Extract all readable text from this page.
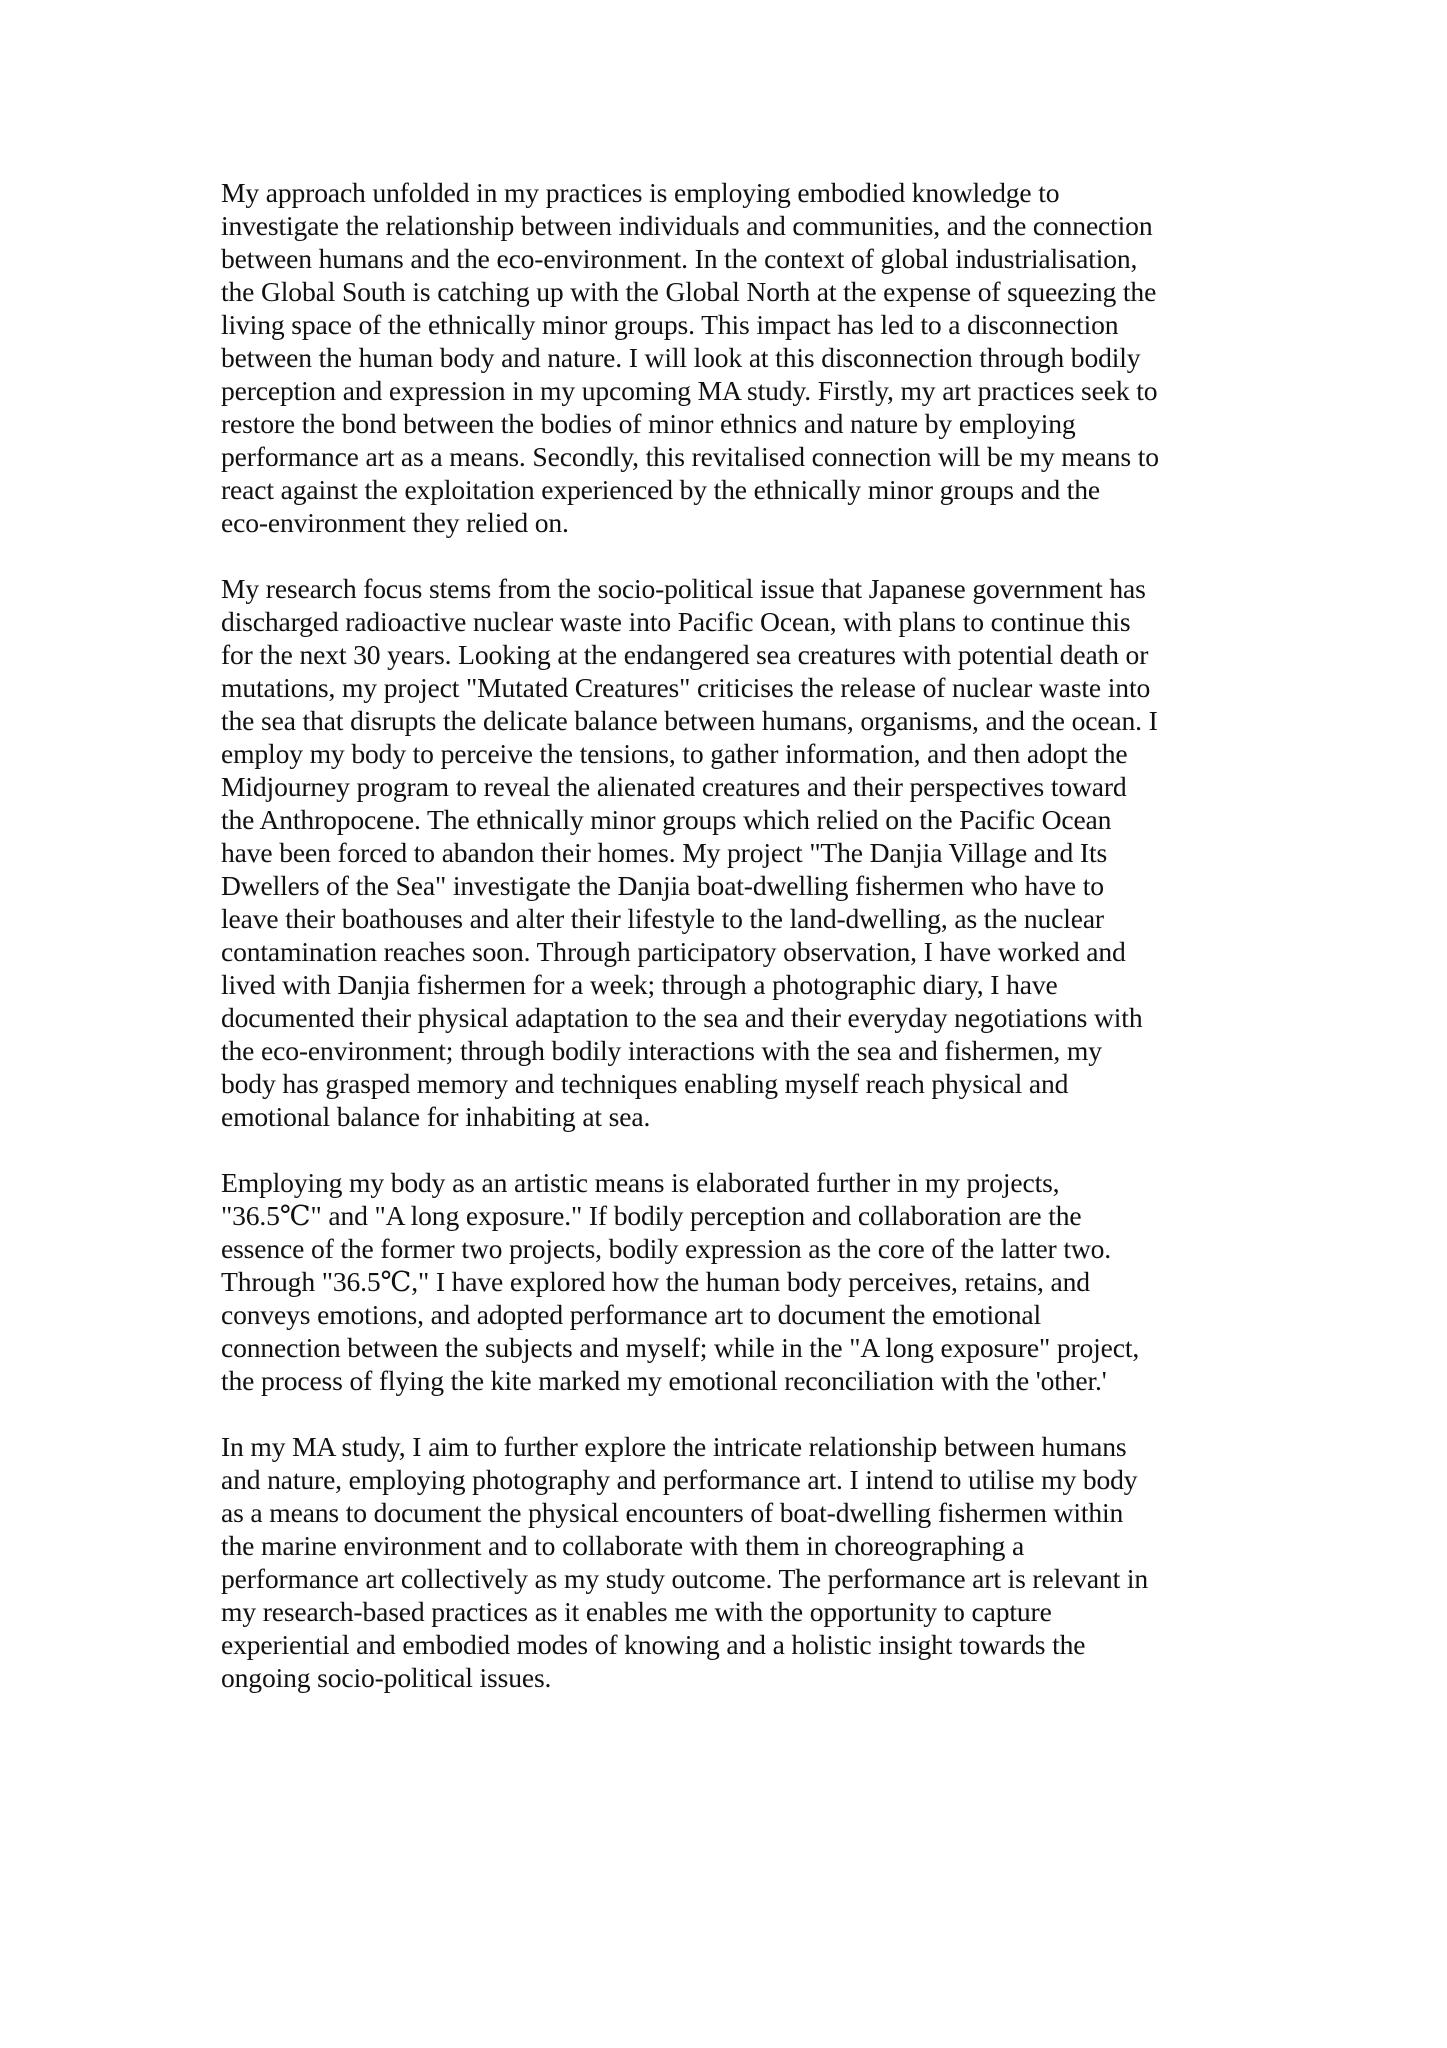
My approach unfolded in my practices is employing embodied knowledge to
investigate the relationship between individuals and communities, and the connection
between humans and the eco-environment. In the context of global industrialisation,
the Global South is catching up with the Global North at the expense of squeezing the
living space of the ethnically minor groups. This impact has led to a disconnection
between the human body and nature. I will look at this disconnection through bodily
perception and expression in my upcoming MA study. Firstly, my art practices seek to
restore the bond between the bodies of minor ethnics and nature by employing
performance art as a means. Secondly, this revitalised connection will be my means to
react against the exploitation experienced by the ethnically minor groups and the
eco-environment they relied on.

My research focus stems from the socio-political issue that Japanese government has
discharged radioactive nuclear waste into Pacific Ocean, with plans to continue this
for the next 30 years. Looking at the endangered sea creatures with potential death or
mutations, my project "Mutated Creatures" criticises the release of nuclear waste into
the sea that disrupts the delicate balance between humans, organisms, and the ocean. I
employ my body to perceive the tensions, to gather information, and then adopt the
Midjourney program to reveal the alienated creatures and their perspectives toward
the Anthropocene. The ethnically minor groups which relied on the Pacific Ocean
have been forced to abandon their homes. My project "The Danjia Village and Its
Dwellers of the Sea" investigate the Danjia boat-dwelling fishermen who have to
leave their boathouses and alter their lifestyle to the land-dwelling, as the nuclear
contamination reaches soon. Through participatory observation, I have worked and
lived with Danjia fishermen for a week; through a photographic diary, I have
documented their physical adaptation to the sea and their everyday negotiations with
the eco-environment; through bodily interactions with the sea and fishermen, my
body has grasped memory and techniques enabling myself reach physical and
emotional balance for inhabiting at sea.

Employing my body as an artistic means is elaborated further in my projects,
"36.5℃" and "A long exposure." If bodily perception and collaboration are the
essence of the former two projects, bodily expression as the core of the latter two.
Through "36.5℃," I have explored how the human body perceives, retains, and
conveys emotions, and adopted performance art to document the emotional
connection between the subjects and myself; while in the "A long exposure" project,
the process of flying the kite marked my emotional reconciliation with the 'other.'

In my MA study, I aim to further explore the intricate relationship between humans
and nature, employing photography and performance art. I intend to utilise my body
as a means to document the physical encounters of boat-dwelling fishermen within
the marine environment and to collaborate with them in choreographing a
performance art collectively as my study outcome. The performance art is relevant in
my research-based practices as it enables me with the opportunity to capture
experiential and embodied modes of knowing and a holistic insight towards the
ongoing socio-political issues.
